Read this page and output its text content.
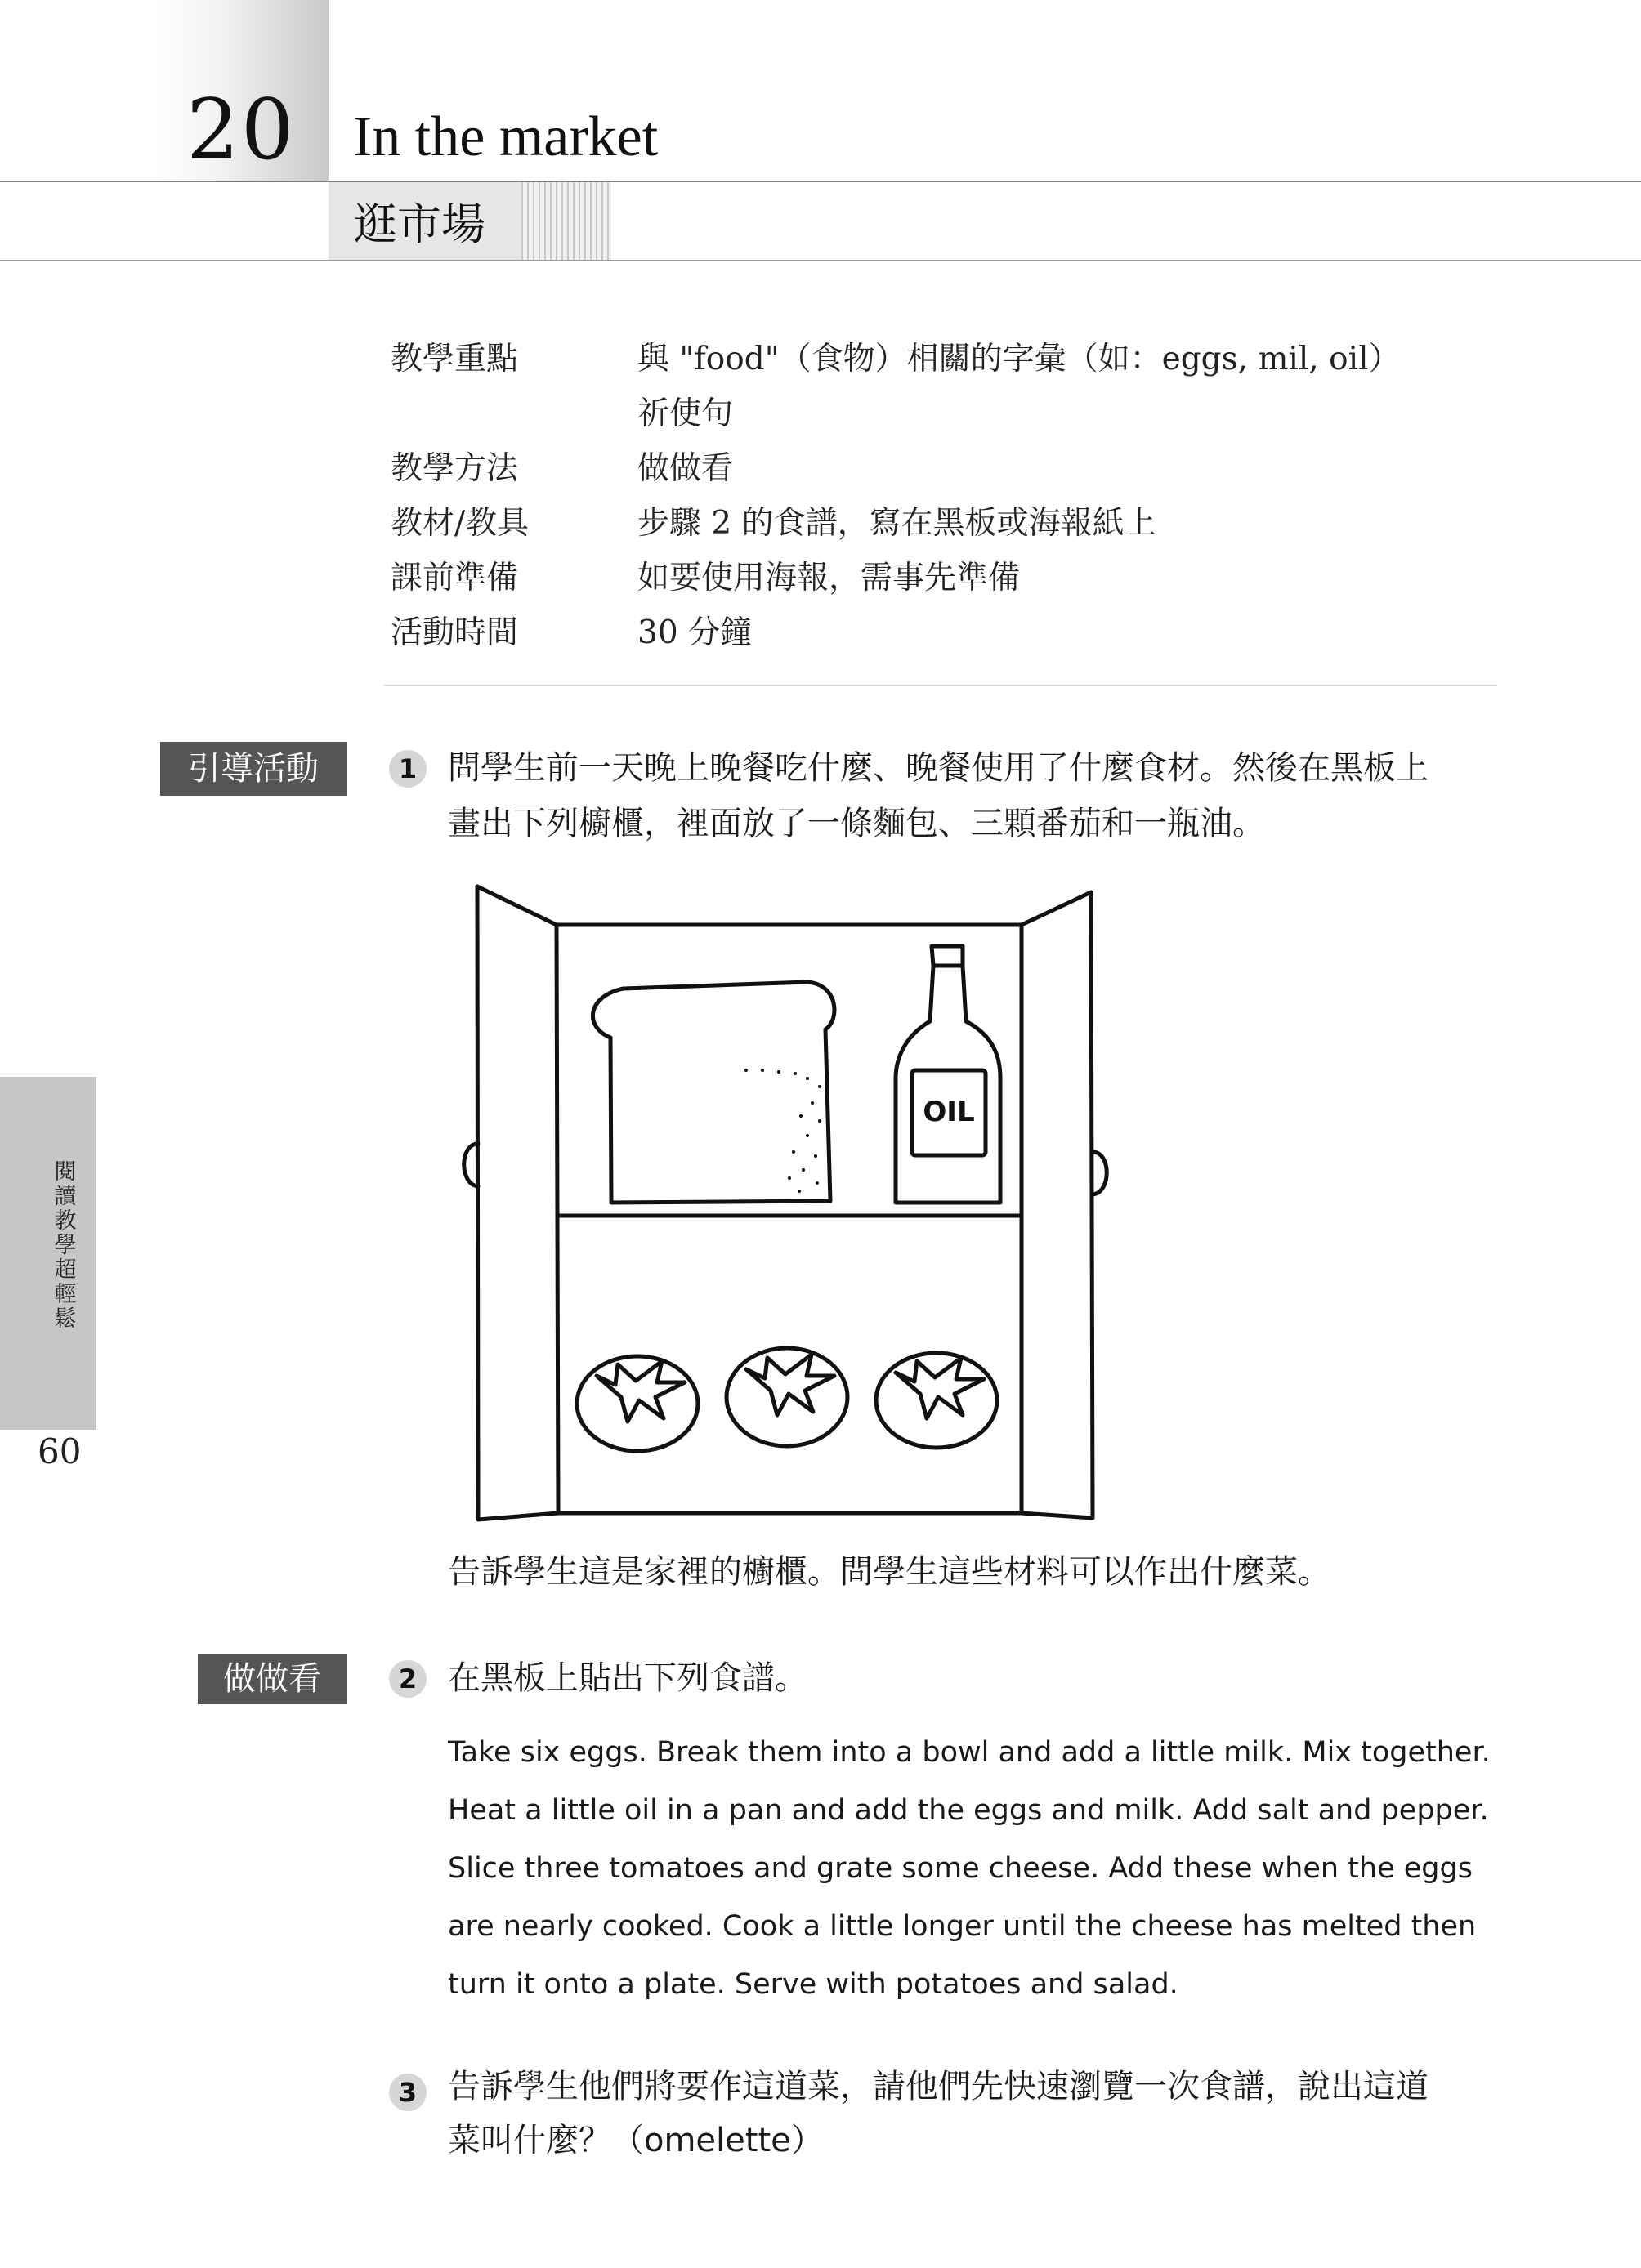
20 In the market
逛市場
教學重點	與 "food"（食物）相關的字彙（如：eggs, mil, oil）
祈使句
教學方法	做做看
教材/教具	步驟 2 的食譜，寫在黑板或海報紙上
課前準備	如要使用海報，需事先準備
活動時間	30 分鐘
閱讀教學超輕鬆
60
引導活動	1 問學生前一天晚上晚餐吃什麼、晚餐使用了什麼食材。然後在黑板上
畫出下列櫥櫃，裡面放了一條麵包、三顆番茄和一瓶油。
OIL
告訴學生這是家裡的櫥櫃。問學生這些材料可以作出什麼菜。
做做看	2 在黑板上貼出下列食譜。
Take six eggs. Break them into a bowl and add a little milk. Mix together.
Heat a little oil in a pan and add the eggs and milk. Add salt and pepper.
Slice three tomatoes and grate some cheese. Add these when the eggs
are nearly cooked. Cook a little longer until the cheese has melted then
turn it onto a plate. Serve with potatoes and salad.
3 告訴學生他們將要作這道菜，請他們先快速瀏覽一次食譜，說出這道
菜叫什麼？（omelette）
